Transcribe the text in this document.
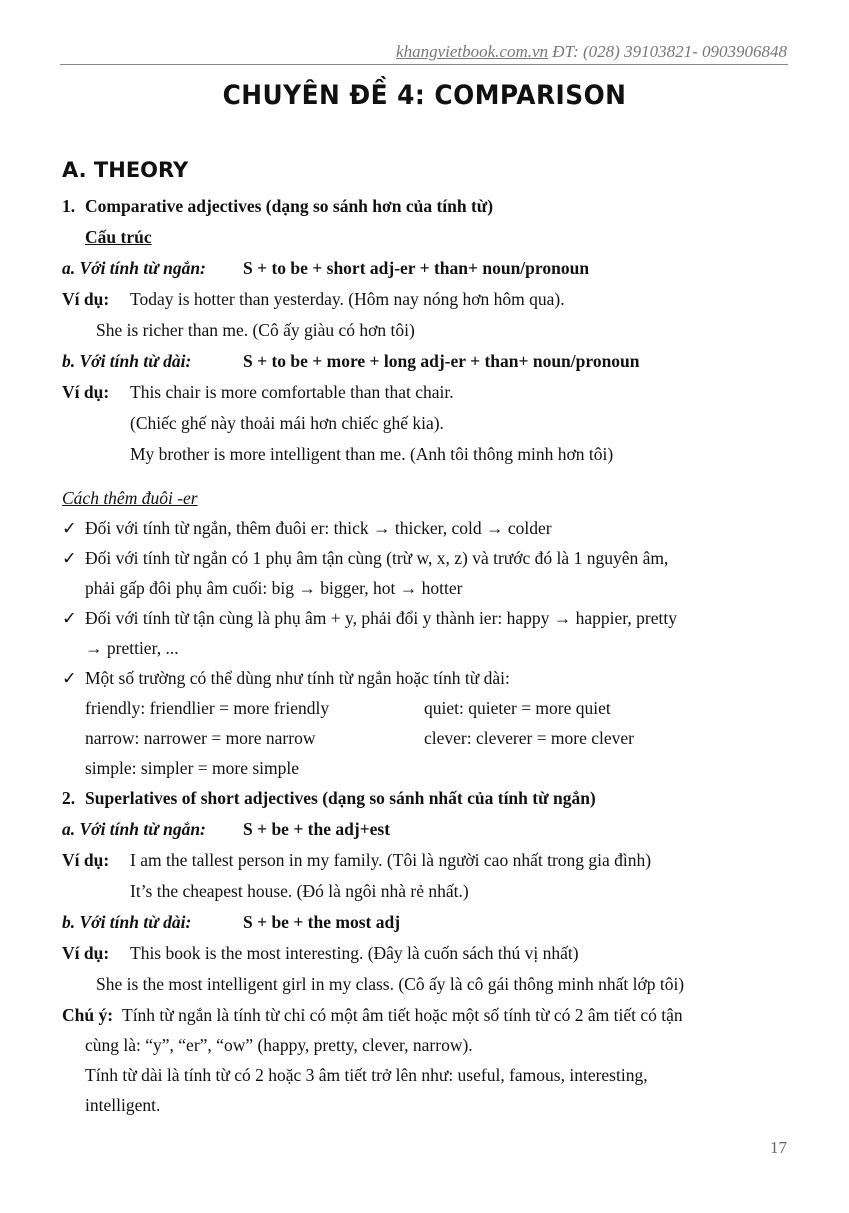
khangvietbook.com.vn ĐT: (028) 39103821- 0903906848
CHUYÊN ĐỀ 4: COMPARISON
A. THEORY
1. Comparative adjectives (dạng so sánh hơn của tính từ)
Cấu trúc
a. Với tính từ ngắn: S + to be + short adj-er + than+ noun/pronoun
Ví dụ: Today is hotter than yesterday. (Hôm nay nóng hơn hôm qua).
She is richer than me. (Cô ấy giàu có hơn tôi)
b. Với tính từ dài:	S + to be + more + long adj-er + than+ noun/pronoun
Ví dụ: This chair is more comfortable than that chair.
(Chiếc ghế này thoải mái hơn chiếc ghế kia).
My brother is more intelligent than me. (Anh tôi thông minh hơn tôi)
Cách thêm đuôi -er
✓ Đối với tính từ ngắn, thêm đuôi er: thick → thicker, cold → colder
✓ Đối với tính từ ngắn có 1 phụ âm tận cùng (trừ w, x, z) và trước đó là 1 nguyên âm,
phải gấp đôi phụ âm cuối: big → bigger, hot → hotter
✓ Đối với tính từ tận cùng là phụ âm + y, phải đổi y thành ier: happy → happier, pretty
→ prettier, ...
✓ Một số trường có thể dùng như tính từ ngắn hoặc tính từ dài:
friendly: friendlier = more friendly	quiet: quieter = more quiet
narrow: narrower = more narrow	clever: cleverer = more clever
simple: simpler = more simple
2. Superlatives of short adjectives (dạng so sánh nhất của tính từ ngắn)
a. Với tính từ ngắn: S + be + the adj+est
Ví dụ: I am the tallest person in my family. (Tôi là người cao nhất trong gia đình)
It’s the cheapest house. (Đó là ngôi nhà rẻ nhất.)
b. Với tính từ dài:	S + be + the most adj
Ví dụ: This book is the most interesting. (Đây là cuốn sách thú vị nhất)
She is the most intelligent girl in my class. (Cô ấy là cô gái thông minh nhất lớp tôi)
Chú ý: Tính từ ngắn là tính từ chỉ có một âm tiết hoặc một số tính từ có 2 âm tiết có tận
cùng là: “y”, “er”, “ow” (happy, pretty, clever, narrow).
Tính từ dài là tính từ có 2 hoặc 3 âm tiết trở lên như: useful, famous, interesting,
intelligent.
17
